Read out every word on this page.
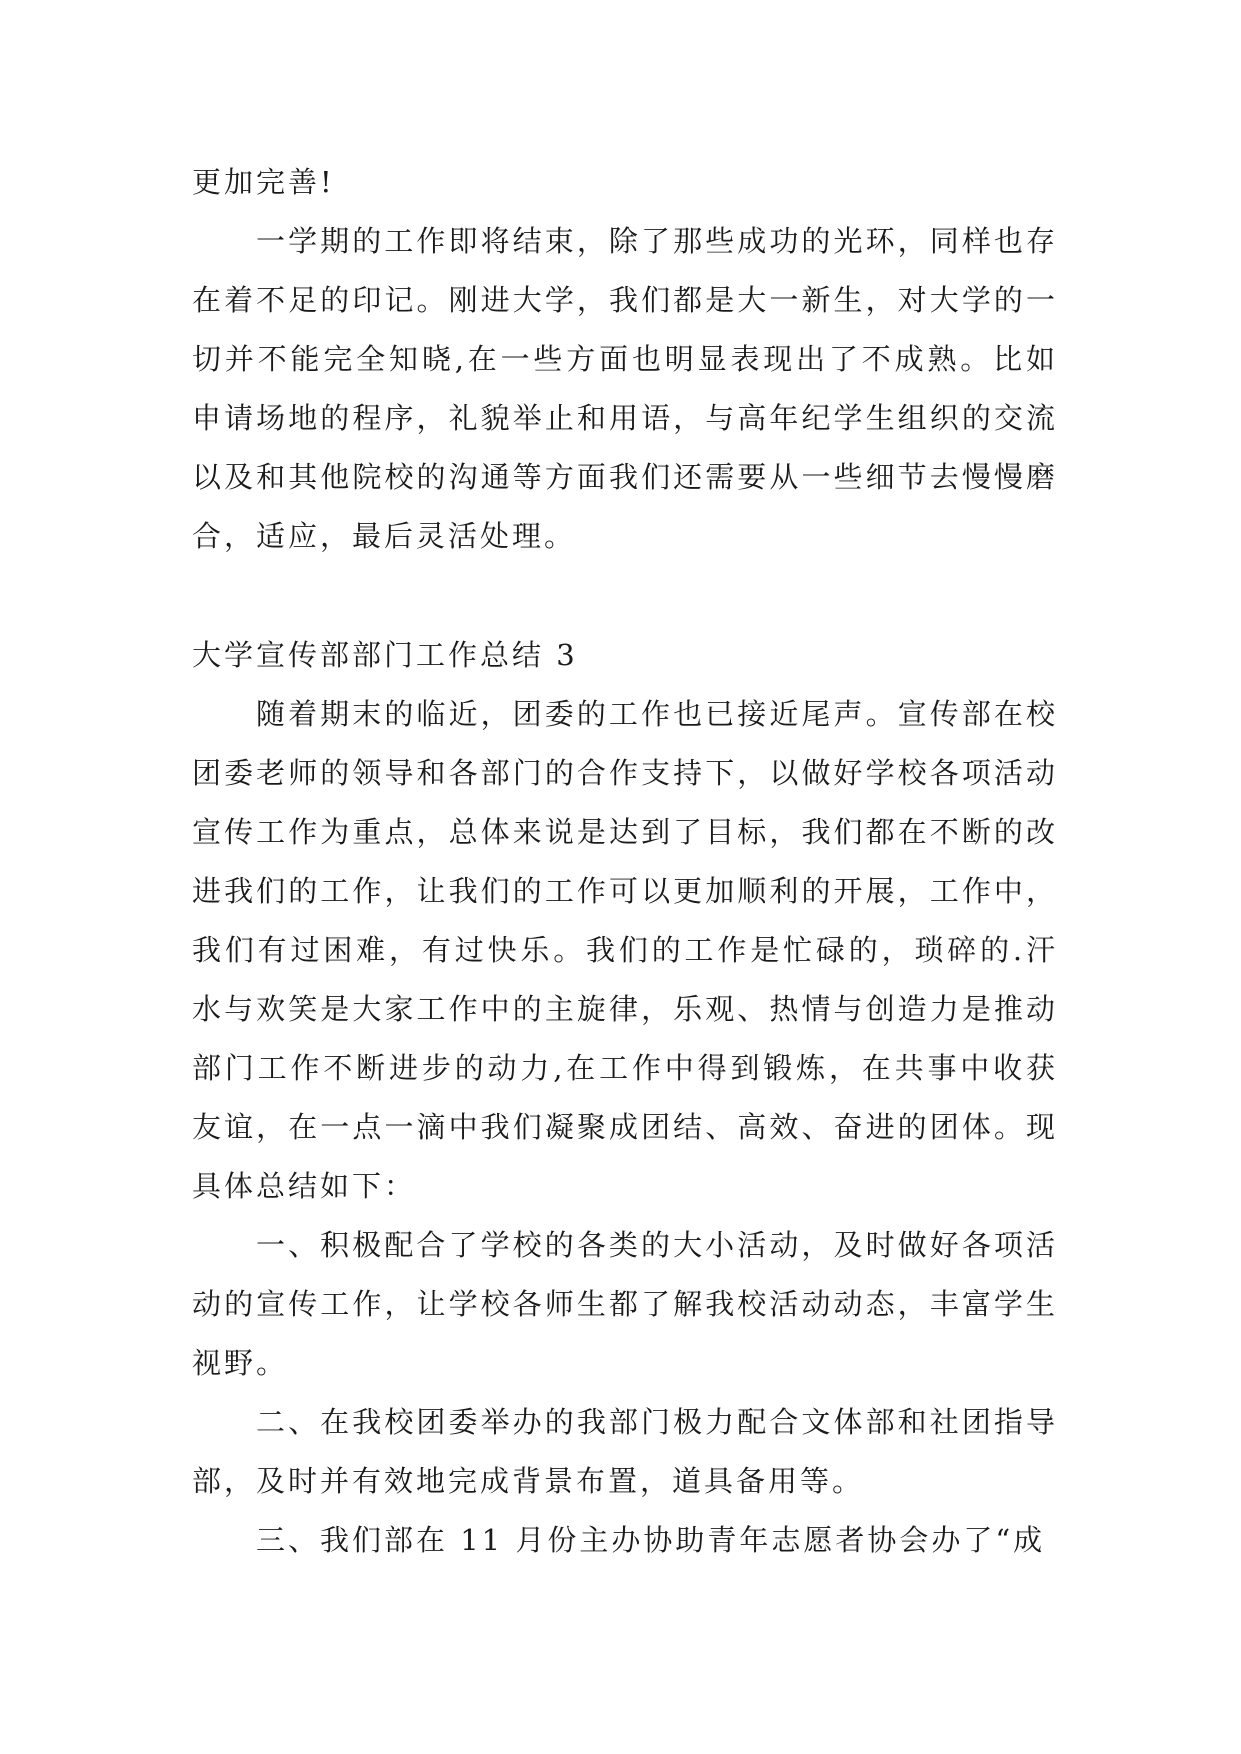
更加完善!

一学期的工作即将结束，除了那些成功的光环，同样也存在着不足的印记。刚进大学，我们都是大一新生，对大学的一切并不能完全知晓,在一些方面也明显表现出了不成熟。比如申请场地的程序，礼貌举止和用语，与高年纪学生组织的交流以及和其他院校的沟通等方面我们还需要从一些细节去慢慢磨合，适应，最后灵活处理。

大学宣传部部门工作总结 3

随着期末的临近，团委的工作也已接近尾声。宣传部在校团委老师的领导和各部门的合作支持下，以做好学校各项活动宣传工作为重点，总体来说是达到了目标，我们都在不断的改进我们的工作，让我们的工作可以更加顺利的开展，工作中，我们有过困难，有过快乐。我们的工作是忙碌的，琐碎的.汗水与欢笑是大家工作中的主旋律，乐观、热情与创造力是推动部门工作不断进步的动力,在工作中得到锻炼，在共事中收获友谊，在一点一滴中我们凝聚成团结、高效、奋进的团体。现具体总结如下：

一、积极配合了学校的各类的大小活动，及时做好各项活动的宣传工作，让学校各师生都了解我校活动动态，丰富学生视野。

二、在我校团委举办的我部门极力配合文体部和社团指导部，及时并有效地完成背景布置，道具备用等。

三、我们部在 11 月份主办协助青年志愿者协会办了“成
